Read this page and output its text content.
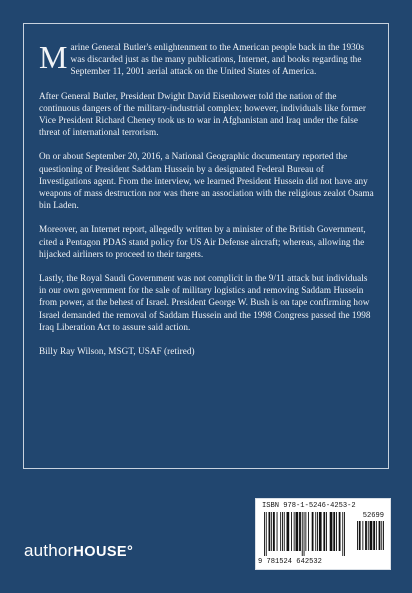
Marine General Butler's enlightenment to the American people back in the 1930s was discarded just as the many publications, Internet, and books regarding the September 11, 2001 aerial attack on the United States of America.

After General Butler, President Dwight David Eisenhower told the nation of the continuous dangers of the military-industrial complex; however, individuals like former Vice President Richard Cheney took us to war in Afghanistan and Iraq under the false threat of international terrorism.

On or about September 20, 2016, a National Geographic documentary reported the questioning of President Saddam Hussein by a designated Federal Bureau of Investigations agent. From the interview, we learned President Hussein did not have any weapons of mass destruction nor was there an association with the religious zealot Osama bin Laden.

Moreover, an Internet report, allegedly written by a minister of the British Government, cited a Pentagon PDAS stand policy for US Air Defense aircraft; whereas, allowing the hijacked airliners to proceed to their targets.

Lastly, the Royal Saudi Government was not complicit in the 9/11 attack but individuals in our own government for the sale of military logistics and removing Saddam Hussein from power, at the behest of Israel. President George W. Bush is on tape confirming how Israel demanded the removal of Saddam Hussein and the 1998 Congress passed the 1998 Iraq Liberation Act to assure said action.

Billy Ray Wilson, MSGT, USAF (retired)

authorHOUSE°
ISBN 978-1-5246-4253-2
52699
9 781524 642532
